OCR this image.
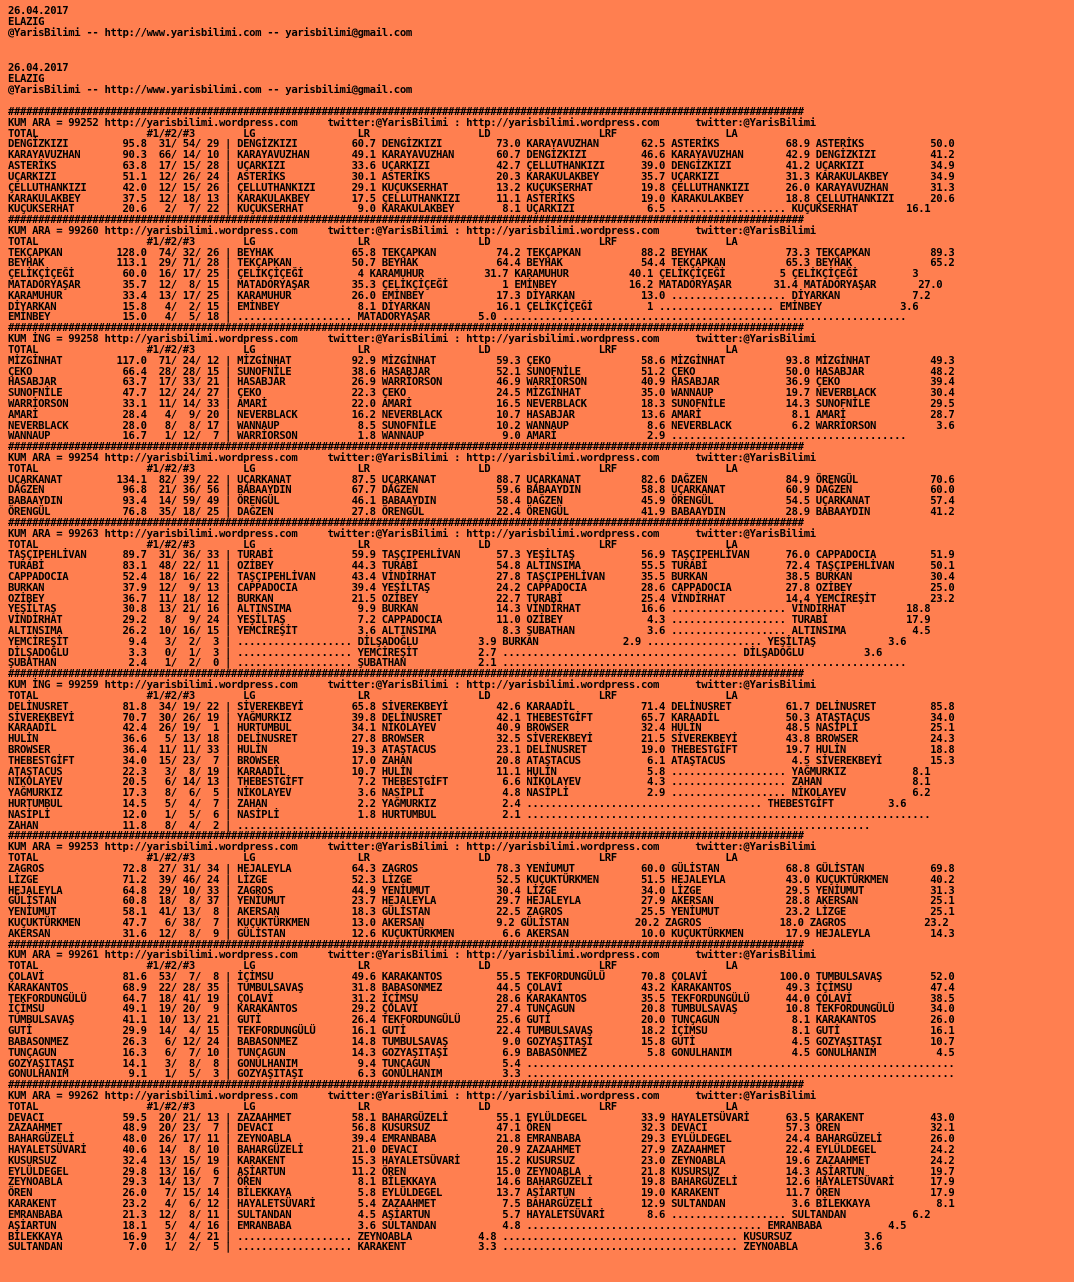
26.04.2017
ELAZIG
@YarisBilimi -- http://www.yarisbilimi.com -- yarisbilimi@gmail.com
26.04.2017
ELAZIG
@YarisBilimi -- http://www.yarisbilimi.com -- yarisbilimi@gmail.com
####################################################################################################################################
KUM ARA = 99252 http://yarisbilimi.wordpress.com     twitter:@YarisBilimi : http://yarisbilimi.wordpress.com      twitter:@YarisBilimi
TOTAL                  #1/#2/#3        LG                 LR                  LD                  LRF                  LA
DENGİZKIZI         95.8  31/ 54/ 29 | DENGİZKIZI         60.7 DENGİZKIZI         73.0 KARAYAVUZHAN       62.5 ASTERİKS           68.9 ASTERİKS           50.0
KARAYAVUZHAN       90.3  66/ 14/ 10 | KARAYAVUZHAN       49.1 KARAYAVUZHAN       60.7 DENGİZKIZI         46.6 KARAYAVUZHAN       42.9 DENGİZKIZI         41.2
ASTERİKS           63.8  17/ 15/ 28 | UÇARKIZI           33.6 UÇARKIZI           42.7 ÇELLUTHANKIZI      39.0 DENGİZKIZI         41.2 UÇARKIZI           34.9
UÇARKIZI           51.1  12/ 26/ 24 | ASTERİKS           30.1 ASTERİKS           20.3 KARAKULAKBEY       35.7 UÇARKIZI           31.3 KARAKULAKBEY       34.9
ÇELLUTHANKIZI      42.0  12/ 15/ 26 | ÇELLUTHANKIZI      29.1 KUÇUKSERHAT        13.2 KUÇUKSERHAT        19.8 ÇELLUTHANKIZI      26.0 KARAYAVUZHAN       31.3
KARAKULAKBEY       37.5  12/ 18/ 13 | KARAKULAKBEY       17.5 ÇELLUTHANKIZI      11.1 ASTERİKS           19.0 KARAKULAKBEY       18.8 ÇELLUTHANKIZI      20.6
KUÇUKSERHAT        20.6   2/  7/ 22 | KUÇUKSERHAT         9.0 KARAKULAKBEY        8.1 UÇARKIZI            6.5 ................... KUÇUKSERHAT        16.1
####################################################################################################################################
KUM ARA = 99260 http://yarisbilimi.wordpress.com     twitter:@YarisBilimi : http://yarisbilimi.wordpress.com      twitter:@YarisBilimi
TOTAL                  #1/#2/#3        LG                 LR                  LD                  LRF                  LA
TEKÇAPKAN         128.0  74/ 32/ 26 | BEYHAK             65.8 TEKÇAPKAN          74.2 TEKÇAPKAN          88.2 BEYHAK             73.3 TEKÇAPKAN          89.3
BEYHAK            113.1  29/ 71/ 28 | TEKÇAPKAN          50.7 BEYHAK             64.4 BEYHAK             54.4 TEKÇAPKAN          65.3 BEYHAK             65.2
ÇELİKÇİÇEĞİ        60.0  16/ 17/ 25 | ÇELİKÇİÇEĞİ         4 KARAMUHUR          31.7 KARAMUHUR          40.1 ÇELİKÇİÇEĞİ         5 ÇELİKÇİÇEĞİ         3
MATADORYAŞAR       35.7  12/  8/ 15 | MATADORYAŞAR       35.3 ÇELİKÇİÇEĞİ         1 EMİNBEY            16.2 MATADORYAŞAR       31.4 MATADORYAŞAR       27.0
KARAMUHUR          33.4  13/ 17/ 25 | KARAMUHUR          26.0 EMİNBEY            17.3 DİYARKAN           13.0 ................... DİYARKAN            7.2
DİYARKAN           15.8   4/  2/ 15 | EMİNBEY             8.1 DİYARKAN           16.1 ÇELİKÇİÇEĞİ         1 ................... EMİNBEY             3.6
EMİNBEY            15.0   4/  5/ 18 | ................... MATADORYAŞAR        5.0 ...................................................................
####################################################################################################################################
KUM İNG = 99258 http://yarisbilimi.wordpress.com     twitter:@YarisBilimi : http://yarisbilimi.wordpress.com      twitter:@YarisBilimi
TOTAL                  #1/#2/#3        LG                 LR                  LD                  LRF                  LA
MİZGİNHAT         117.0  71/ 24/ 12 | MİZGİNHAT          92.9 MİZGİNHAT          59.3 ÇEKO               58.6 MİZGİNHAT          93.8 MİZGİNHAT          49.3
ÇEKO               66.4  28/ 28/ 15 | SUNOFNİLE          38.6 HASABJAR           52.1 SUNOFNİLE          51.2 ÇEKO               50.0 HASABJAR           48.2
HASABJAR           63.7  17/ 33/ 21 | HASABJAR           26.9 WARRİORSON         46.9 WARRİORSON         40.9 HASABJAR           36.9 ÇEKO               39.4
SUNOFNİLE          47.7  12/ 24/ 27 | ÇEKO               22.3 ÇEKO               24.5 MİZGİNHAT          35.0 WANNAUP            19.7 NEVERBLACK         30.4
WARRİORSON         33.1  11/ 14/ 33 | AMARİ              22.0 AMARİ              16.5 NEVERBLACK         18.3 SUNOFNİLE          14.3 SUNOFNİLE          29.5
AMARİ              28.4   4/  9/ 20 | NEVERBLACK         16.2 NEVERBLACK         10.7 HASABJAR           13.6 AMARİ               8.1 AMARİ              28.7
NEVERBLACK         28.0   8/  8/ 17 | WANNAUP             8.5 SUNOFNİLE          10.2 WANNAUP             8.6 NEVERBLACK          6.2 WARRİORSON          3.6
WANNAUP            16.7   1/ 12/  7 | WARRİORSON          1.8 WANNAUP             9.0 AMARİ               2.9 .......................................
####################################################################################################################################
KUM ARA = 99254 http://yarisbilimi.wordpress.com     twitter:@YarisBilimi : http://yarisbilimi.wordpress.com      twitter:@YarisBilimi
TOTAL                  #1/#2/#3        LG                 LR                  LD                  LRF                  LA
UÇARKANAT         134.1  82/ 39/ 22 | UÇARKANAT          87.5 UÇARKANAT          88.7 UÇARKANAT          82.6 DAĞZEN             84.9 ÖRENGÜL            70.6
DAĞZEN             96.8  21/ 36/ 56 | BABAAYDIN          67.7 DAĞZEN             59.6 BABAAYDIN          58.8 UÇARKANAT          60.9 DAĞZEN             60.0
BABAAYDIN          93.4  14/ 59/ 49 | ÖRENGÜL            46.1 BABAAYDIN          58.4 DAĞZEN             45.9 ÖRENGÜL            54.5 UÇARKANAT          57.4
ÖRENGÜL            76.8  35/ 18/ 25 | DAĞZEN             27.8 ÖRENGÜL            22.4 ÖRENGÜL            41.9 BABAAYDIN          28.9 BABAAYDIN          41.2
####################################################################################################################################
KUM ARA = 99263 http://yarisbilimi.wordpress.com     twitter:@YarisBilimi : http://yarisbilimi.wordpress.com      twitter:@YarisBilimi
TOTAL                  #1/#2/#3        LG                 LR                  LD                  LRF                  LA
TAŞÇIPEHLİVAN      89.7  31/ 36/ 33 | TURABİ             59.9 TAŞÇIPEHLİVAN      57.3 YEŞİLTAŞ           56.9 TAŞÇIPEHLİVAN      76.0 CAPPADOCIA         51.9
TURABİ             83.1  48/ 22/ 11 | OZİBEY             44.3 TURABİ             54.8 ALTINSIMA          55.5 TURABİ             72.4 TAŞÇIPEHLİVAN      50.1
CAPPADOCIA         52.4  18/ 16/ 22 | TAŞÇIPEHLİVAN      43.4 VİNDİRHAT          27.8 TAŞÇIPEHLİVAN      35.5 BURKAN             38.5 BURKAN             30.4
BURKAN             37.9  12/  9/ 13 | CAPPADOCIA         39.4 YEŞİLTAŞ           24.2 CAPPADOCIA         28.6 CAPPADOCIA         27.8 OZİBEY             25.0
OZİBEY             36.7  11/ 18/ 12 | BURKAN             21.5 OZİBEY             22.7 TURABİ             25.4 VİNDİRHAT          14.4 YEMCİREŞİT         23.2
YEŞİLTAŞ           30.8  13/ 21/ 16 | ALTINSIMA           9.9 BURKAN             14.3 VİNDİRHAT          16.6 ................... VİNDİRHAT          18.8
VİNDİRHAT          29.2   8/  9/ 24 | YEŞİLTAŞ            7.2 CAPPADOCIA         11.0 OZİBEY              4.3 ................... TURABİ             17.9
ALTINSIMA          26.2  10/ 16/ 15 | YEMCİREŞİT          3.6 ALTINSIMA           8.3 ŞUBATHAN            3.6 ................... ALTINSIMA           4.5
YEMCİREŞİT          9.4   3/  2/  3 | ................... DİLŞADOĞLU          3.9 BURKAN              2.9 ................... YEŞİLTAŞ            3.6
DİLŞADOĞLU          3.3   0/  1/  3 | ................... YEMCİREŞİT          2.7 ....................................... DİLŞADOĞLU          3.6
ŞUBATHAN            2.4   1/  2/  0 | ................... ŞUBATHAN            2.1 ...................................................................
####################################################################################################################################
KUM İNG = 99259 http://yarisbilimi.wordpress.com     twitter:@YarisBilimi : http://yarisbilimi.wordpress.com      twitter:@YarisBilimi
TOTAL                  #1/#2/#3        LG                 LR                  LD                  LRF                  LA
DELİNUSRET         81.8  34/ 19/ 22 | SİVEREKBEYİ        65.8 SİVEREKBEYİ        42.6 KARAADİL           71.4 DELİNUSRET         61.7 DELİNUSRET         85.8
SİVEREKBEYİ        70.7  30/ 26/ 19 | YAĞMURKIZ          39.8 DELİNUSRET         42.1 THEBESTGİFT        65.7 KARAADİL           50.3 ATAŞTACUS          34.0
KARAADİL           42.4  26/ 19/  1 | HURTUMBUL          34.1 NİKOLAYEV          40.9 BROWSER            32.4 HULİN              48.5 NASİPLİ            25.1
HULİN              36.6   5/ 13/ 18 | DELİNUSRET         27.8 BROWSER            32.5 SİVEREKBEYİ        21.5 SİVEREKBEYİ        43.8 BROWSER            24.3
BROWSER            36.4  11/ 11/ 33 | HULİN              19.3 ATAŞTACUS          23.1 DELİNUSRET         19.0 THEBESTGİFT        19.7 HULİN              18.8
THEBESTGİFT        34.0  15/ 23/  7 | BROWSER            17.0 ZAHAN              20.8 ATAŞTACUS           6.1 ATAŞTACUS           4.5 SİVEREKBEYİ        15.3
ATAŞTACUS          22.3   3/  8/ 19 | KARAADİL           10.7 HULİN              11.1 HULİN               5.8 ................... YAĞMURKIZ           8.1
NİKOLAYEV          20.5   6/ 14/ 13 | THEBESTGİFT         7.2 THEBESTGİFT         6.6 NİKOLAYEV           4.3 ................... ZAHAN               8.1
YAĞMURKIZ          17.3   8/  6/  5 | NİKOLAYEV           3.6 NASİPLİ             4.8 NASİPLİ             2.9 ................... NİKOLAYEV           6.2
HURTUMBUL          14.5   5/  4/  7 | ZAHAN               2.2 YAĞMURKIZ           2.4 ....................................... THEBESTGİFT         3.6
NASİPLİ            12.0   1/  5/  6 | NASİPLİ             1.8 HURTUMBUL           2.1 ...................................................................
ZAHAN              11.8   8/  4/  2 | .........................................................................................................
####################################################################################################################################
KUM ARA = 99253 http://yarisbilimi.wordpress.com     twitter:@YarisBilimi : http://yarisbilimi.wordpress.com      twitter:@YarisBilimi
TOTAL                  #1/#2/#3        LG                 LR                  LD                  LRF                  LA
ZAGROS             72.8  27/ 31/ 34 | HEJALEYLA          64.3 ZAGROS             78.3 YENİUMUT           60.0 GÜLİSTAN           68.8 GÜLİSTAN           69.8
LİZGE              71.2  39/ 46/ 24 | LİZGE              52.3 LİZGE              52.5 KUÇUKTÜRKMEN       51.5 HEJALEYLA          43.0 KUÇUKTÜRKMEN       40.2
HEJALEYLA          64.8  29/ 10/ 33 | ZAGROS             44.9 YENİUMUT           30.4 LİZGE              34.0 LİZGE              29.5 YENİUMUT           31.3
GÜLİSTAN           60.8  18/  8/ 37 | YENİUMUT           23.7 HEJALEYLA          29.7 HEJALEYLA          27.9 AKERSAN            28.8 AKERSAN            25.1
YENİUMUT           58.1  41/ 13/  8 | AKERSAN            18.3 GÜLİSTAN           22.5 ZAGROS             25.5 YENİUMUT           23.2 LİZGE              25.1
KUÇUKTÜRKMEN       47.7   6/ 38/  7 | KUÇUKTÜRKMEN       13.0 AKERSAN            9.2 GÜLİSTAN           20.2 ZAGROS             18.0 ZAGROS             23.2
AKERSAN            31.6  12/  8/  9 | GÜLİSTAN           12.6 KUÇUKTÜRKMEN        6.6 AKERSAN            10.0 KUÇUKTÜRKMEN       17.9 HEJALEYLA          14.3
####################################################################################################################################
KUM ARA = 99261 http://yarisbilimi.wordpress.com     twitter:@YarisBilimi : http://yarisbilimi.wordpress.com      twitter:@YarisBilimi
TOTAL                  #1/#2/#3        LG                 LR                  LD                  LRF                  LA
ÇOLAVİ             81.6  53/  7/  8 | İÇİMSU             49.6 KARAKANTOS         55.5 TEKFORDUNGÜLÜ      70.8 ÇOLAVİ            100.0 TUMBULSAVAŞ        52.0
KARAKANTOS         68.9  22/ 28/ 35 | TUMBULSAVAŞ        31.8 BABASONMEZ         44.5 ÇOLAVİ             43.2 KARAKANTOS         49.3 İÇİMSU             47.4
TEKFORDUNGÜLÜ      64.7  18/ 41/ 19 | ÇOLAVİ             31.2 İÇİMSU             28.6 KARAKANTOS         35.5 TEKFORDUNGÜLÜ      44.0 ÇOLAVİ             38.5
İÇİMSU             49.1  19/ 20/  9 | KARAKANTOS         29.2 ÇOLAVİ             27.4 TUNÇAGUN           20.8 TUMBULSAVAŞ        10.8 TEKFORDUNGÜLÜ      34.0
TUMBULSAVAŞ        41.1  10/ 13/ 21 | GUTİ               26.4 TEKFORDUNGÜLÜ      25.6 GUTİ               20.0 TUNÇAGUN            8.1 KARAKANTOS         26.0
GUTİ               29.9  14/  4/ 15 | TEKFORDUNGÜLÜ      16.1 GUTİ               22.4 TUMBULSAVAŞ        18.2 İÇİMSU              8.1 GUTİ               16.1
BABASONMEZ         26.3   6/ 12/ 24 | BABASONMEZ         14.8 TUMBULSAVAŞ         9.0 GOZYAŞITAŞI        15.8 GUTİ                4.5 GOZYAŞITAŞI        10.7
TUNÇAGUN           16.3   6/  7/ 10 | TUNÇAGUN           14.3 GOZYAŞITAŞI         6.9 BABASONMEZ          5.8 GONULHANIM          4.5 GONULHANIM          4.5
GOZYAŞITAŞI        14.1   3/  8/  8 | GONULHANIM          9.4 TUNÇAGUN            5.4 .......................................................................
GONULHANIM          9.1   1/  5/  3 | GOZYAŞITAŞI         6.3 GONULHANIM          3.3 .......................................................................
####################################################################################################################################
KUM ARA = 99262 http://yarisbilimi.wordpress.com     twitter:@YarisBilimi : http://yarisbilimi.wordpress.com      twitter:@YarisBilimi
TOTAL                  #1/#2/#3        LG                 LR                  LD                  LRF                  LA
DEVACI             59.5  20/ 21/ 13 | ZAZAAHMET          58.1 BAHARGÜZELİ        55.1 EYLÜLDEGEL         33.9 HAYALETSÜVARİ      63.5 KARAKENT           43.0
ZAZAAHMET          48.9  20/ 23/  7 | DEVACI             56.8 KUSURSUZ           47.1 ÖREN               32.3 DEVACI             57.3 ÖREN               32.1
BAHARGÜZELİ        48.0  26/ 17/ 11 | ZEYNOABLA          39.4 EMRANBABA          21.8 EMRANBABA          29.3 EYLÜLDEGEL         24.4 BAHARGÜZELİ        26.0
HAYALETSÜVARİ      40.6  14/  8/ 10 | BAHARGÜZELİ        21.0 DEVACI             20.9 ZAZAAHMET          27.9 ZAZAAHMET          22.4 EYLÜLDEGEL         24.2
KUSURSUZ           32.4  13/ 15/ 19 | KARAKENT           15.3 HAYALETSÜVARİ      15.2 KUSURSUZ           23.0 ZEYNOABLA          19.6 ZAZAAHMET          24.2
EYLÜLDEGEL         29.8  13/ 16/  6 | AŞİARTUN           11.2 ÖREN               15.0 ZEYNOABLA          21.8 KUSURSUZ           14.3 AŞİARTUN           19.7
ZEYNOABLA          29.3  14/ 13/  7 | ÖREN                8.1 BİLEKKAYA          14.6 BAHARGÜZELİ        19.8 BAHARGÜZELİ        12.6 HAYALETSÜVARİ      17.9
ÖREN               26.0   7/ 15/ 14 | BİLEKKAYA           5.8 EYLÜLDEGEL         13.7 AŞİARTUN           19.0 KARAKENT           11.7 ÖREN               17.9
KARAKENT           23.2   4/  6/ 12 | HAYALETSÜVARİ       5.4 ZAZAAHMET           7.5 BAHARGÜZELİ        12.9 SULTANDAN           3.6 BİLEKKAYA           8.1
EMRANBABA          21.3  12/  8/ 11 | SULTANDAN           4.5 AŞİARTUN            5.7 HAYALETSÜVARİ       8.6 ................... SULTANDAN           6.2
AŞİARTUN           18.1   5/  4/ 16 | EMRANBABA           3.6 SULTANDAN           4.8 ....................................... EMRANBABA           4.5
BİLEKKAYA          16.9   3/  4/ 21 | ................... ZEYNOABLA           4.8 ....................................... KUSURSUZ            3.6
SULTANDAN           7.0   1/  2/  5 | ................... KARAKENT            3.3 ....................................... ZEYNOABLA           3.6
